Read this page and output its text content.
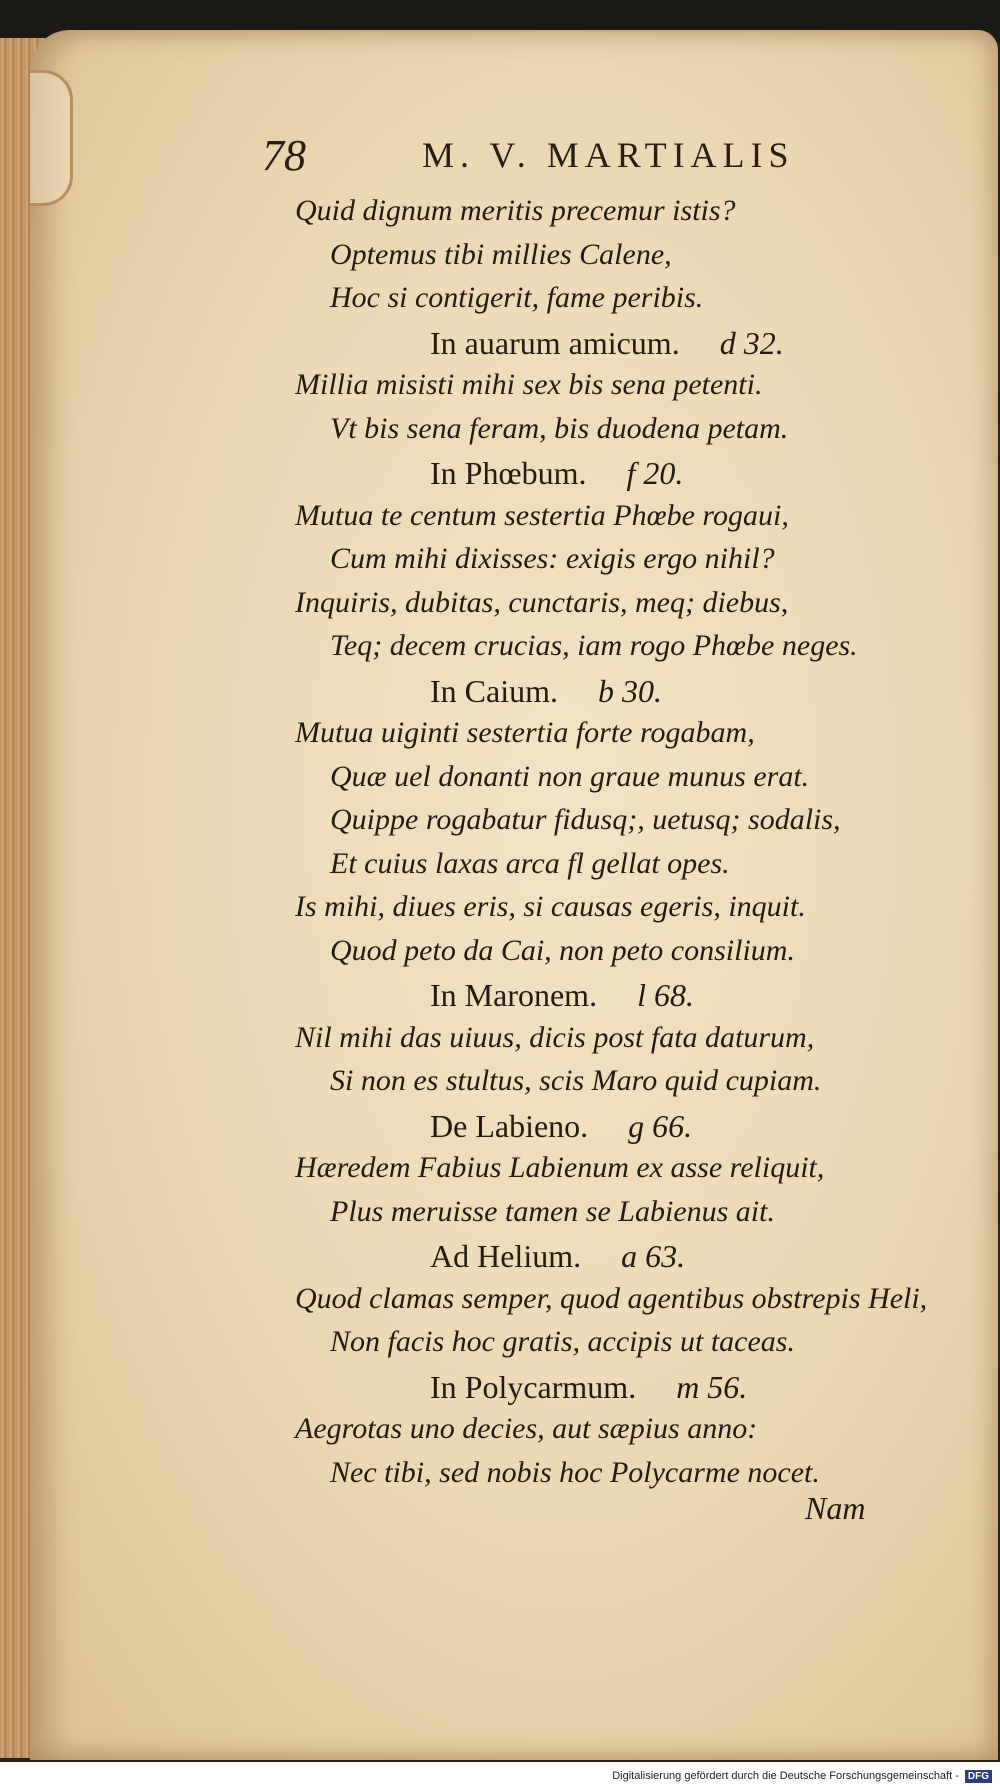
78	M. V. MARTIALIS
Quid dignum meritis precemur istis?
Optemus tibi millies Calene,
Hoc si contigerit, fame peribis.
In auarum amicum. d 32.
Millia misisti mihi sex bis sena petenti.
Vt bis sena feram, bis duodena petam.
In Phœbum. f 20.
Mutua te centum sestertia Phœbe rogaui,
Cum mihi dixisses: exigis ergo nihil?
Inquiris, dubitas, cunctaris, meq; diebus,
Teq; decem crucias, iam rogo Phœbe neges.
In Caium. b 30.
Mutua uiginti sestertia forte rogabam,
Quæ uel donanti non graue munus erat.
Quippe rogabatur fidusq;, uetusq; sodalis,
Et cuius laxas arca fl gellat opes.
Is mihi, diues eris, si causas egeris, inquit.
Quod peto da Cai, non peto consilium.
In Maronem. l 68.
Nil mihi das uiuus, dicis post fata daturum,
Si non es stultus, scis Maro quid cupiam.
De Labieno. g 66.
Hæredem Fabius Labienum ex asse reliquit,
Plus meruisse tamen se Labienus ait.
Ad Helium. a 63.
Quod clamas semper, quod agentibus obstrepis Heli,
Non facis hoc gratis, accipis ut taceas.
In Polycarmum. m 56.
Aegrotas uno decies, aut sæpius anno:
Nec tibi, sed nobis hoc Polycarme nocet.
Nam
Digitalisierung gefördert durch die Deutsche Forschungsgemeinschaft - DFG
